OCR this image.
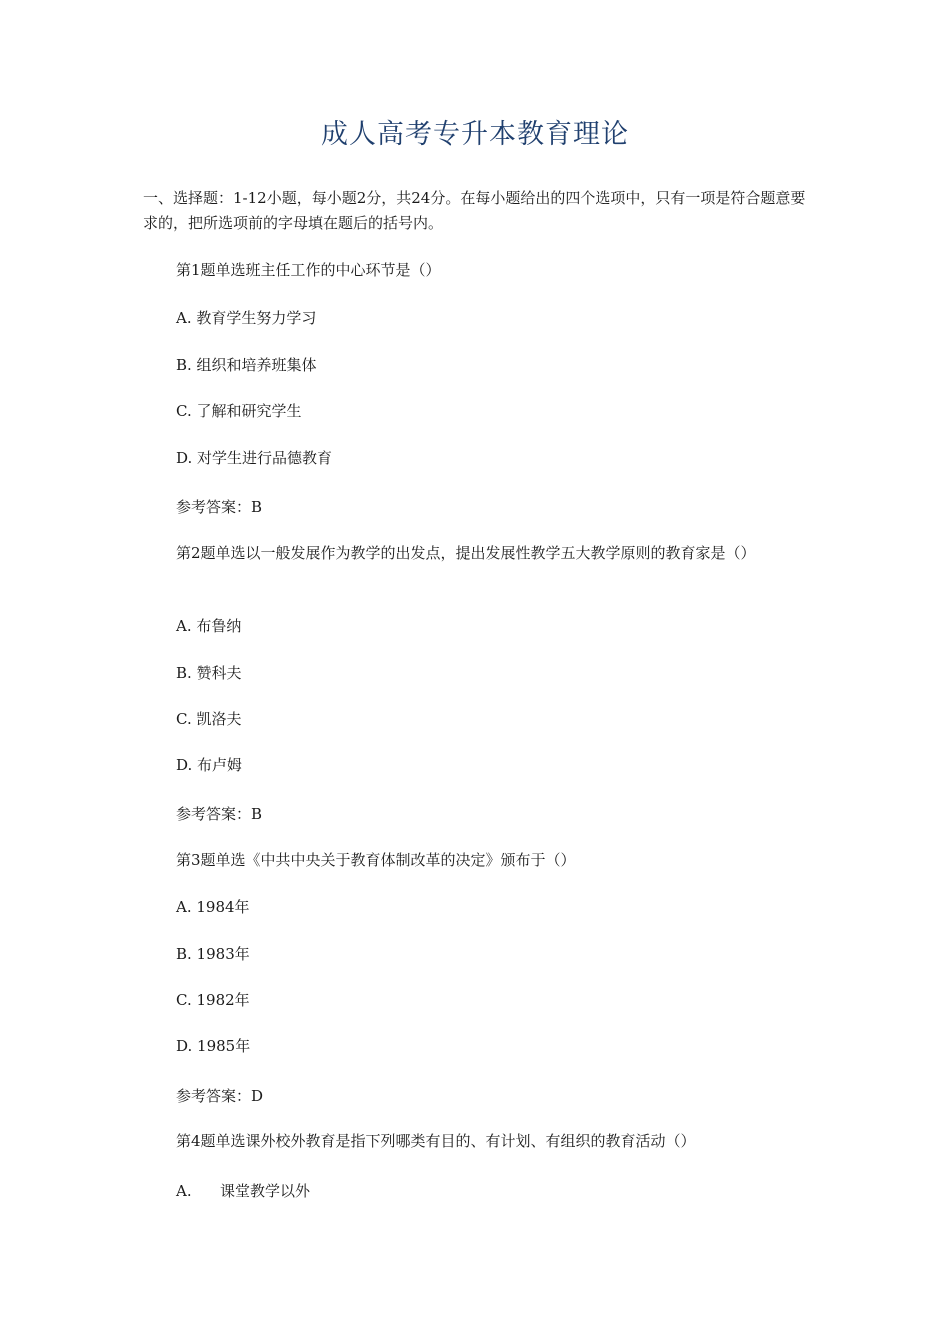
成人高考专升本教育理论
一、选择题：1-12小题，每小题2分，共24分。在每小题给出的四个选项中，只有一项是符合题意要求的，把所选项前的字母填在题后的括号内。
第1题单选班主任工作的中心环节是（）
A. 教育学生努力学习
B. 组织和培养班集体
C. 了解和研究学生
D. 对学生进行品德教育
参考答案：B
第2题单选以一般发展作为教学的出发点，提出发展性教学五大教学原则的教育家是（）
A. 布鲁纳
B. 赞科夫
C. 凯洛夫
D. 布卢姆
参考答案：B
第3题单选《中共中央关于教育体制改革的决定》颁布于（）
A. 1984年
B. 1983年
C. 1982年
D. 1985年
参考答案：D
第4题单选课外校外教育是指下列哪类有目的、有计划、有组织的教育活动（）
A. 课堂教学以外
